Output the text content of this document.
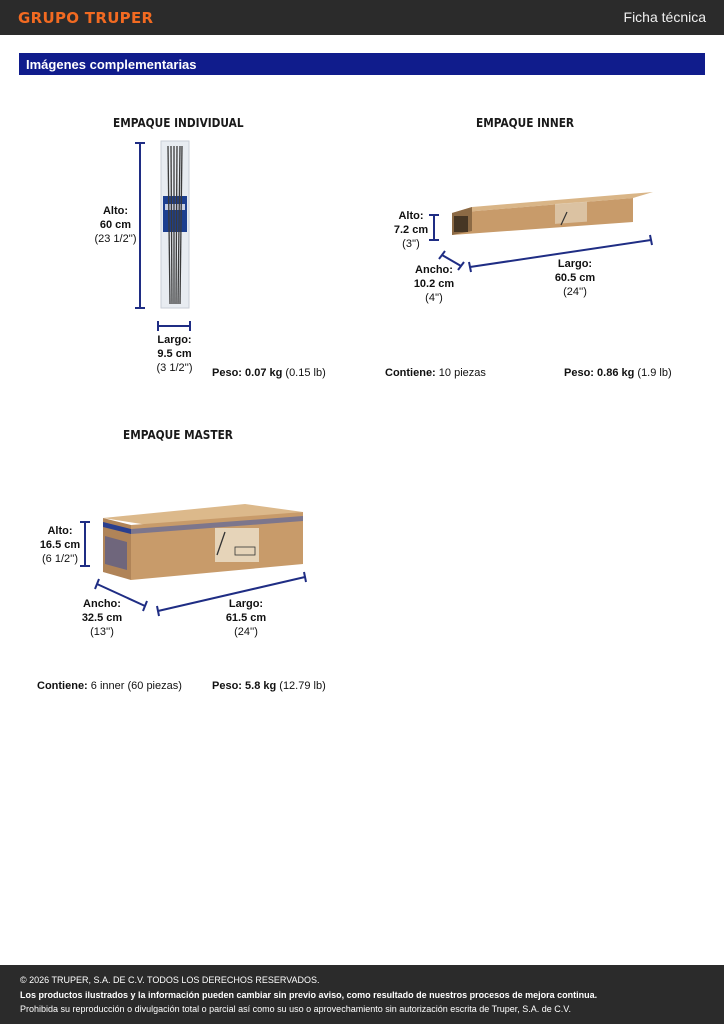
GRUPO TRUPER	Ficha técnica
Imágenes complementarias
EMPAQUE INDIVIDUAL
Alto:
60 cm
(23 1/2'')
Largo:
9.5 cm
(3 1/2'')	Peso: 0.07 kg (0.15 lb)
EMPAQUE INNER
Alto:
7.2 cm
(3'')
Ancho:
10.2 cm
(4'')
Largo:
60.5 cm
(24'')
Contiene: 10 piezas	Peso: 0.86 kg (1.9 lb)
EMPAQUE MASTER
Alto:
16.5 cm
(6 1/2'')
Ancho:
32.5 cm
(13'')
Largo:
61.5 cm
(24'')
Contiene: 6 inner (60 piezas)	Peso: 5.8 kg (12.79 lb)
© 2026 TRUPER, S.A. DE C.V. TODOS LOS DERECHOS RESERVADOS.
Los productos ilustrados y la información pueden cambiar sin previo aviso, como resultado de nuestros procesos de mejora continua.
Prohibida su reproducción o divulgación total o parcial así como su uso o aprovechamiento sin autorización escrita de Truper, S.A. de C.V.
